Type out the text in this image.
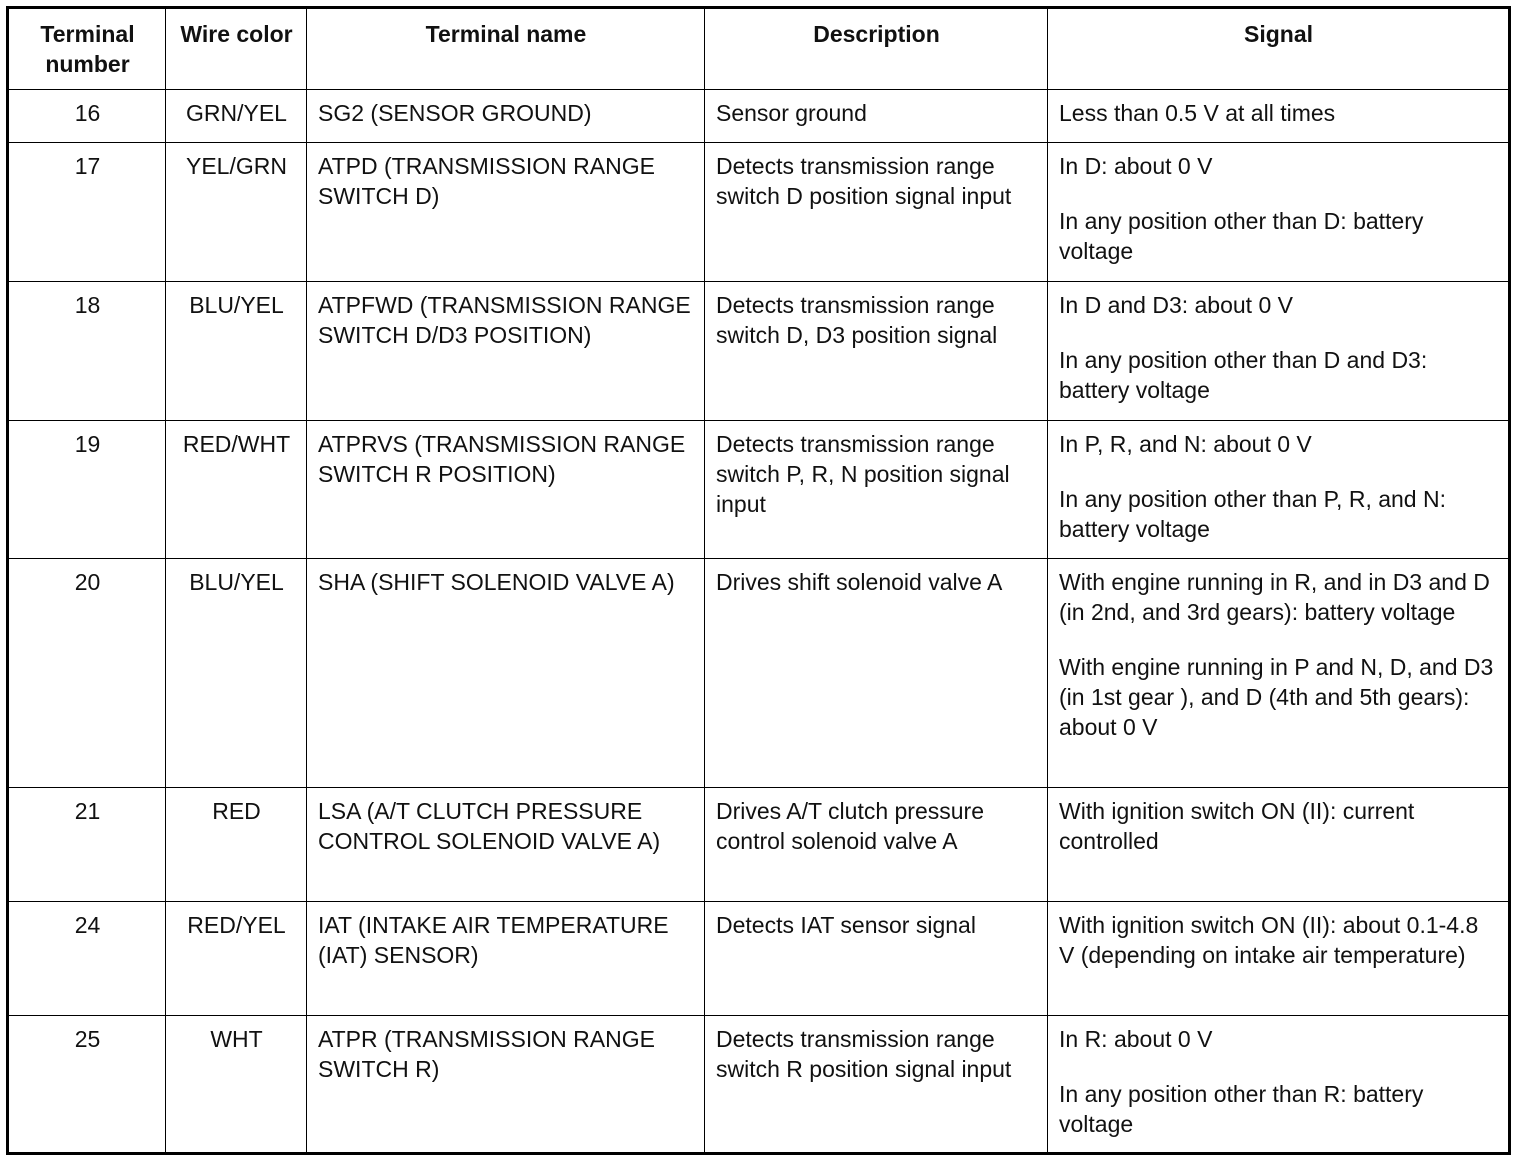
Terminal number	Wire color	Terminal name	Description	Signal
16	GRN/YEL	SG2 (SENSOR GROUND)	Sensor ground	Less than 0.5 V at all times

17	YEL/GRN	ATPD (TRANSMISSION RANGE SWITCH D)	Detects transmission range switch D position signal input	In D: about 0 V

In any position other than D: battery voltage

18	BLU/YEL	ATPFWD (TRANSMISSION RANGE SWITCH D/D3 POSITION)	Detects transmission range switch D, D3 position signal	In D and D3: about 0 V

In any position other than D and D3: battery voltage

19	RED/WHT	ATPRVS (TRANSMISSION RANGE SWITCH R POSITION)	Detects transmission range switch P, R, N position signal input	In P, R, and N: about 0 V

In any position other than P, R, and N: battery voltage

20	BLU/YEL	SHA (SHIFT SOLENOID VALVE A)	Drives shift solenoid valve A	With engine running in R, and in D3 and D (in 2nd, and 3rd gears): battery voltage

With engine running in P and N, D, and D3 (in 1st gear ), and D (4th and 5th gears): about 0 V

21	RED	LSA (A/T CLUTCH PRESSURE CONTROL SOLENOID VALVE A)	Drives A/T clutch pressure control solenoid valve A	With ignition switch ON (II): current controlled

24	RED/YEL	IAT (INTAKE AIR TEMPERATURE (IAT) SENSOR)	Detects IAT sensor signal	With ignition switch ON (II): about 0.1-4.8 V (depending on intake air temperature)

25	WHT	ATPR (TRANSMISSION RANGE SWITCH R)	Detects transmission range switch R position signal input	In R: about 0 V

In any position other than R: battery voltage
